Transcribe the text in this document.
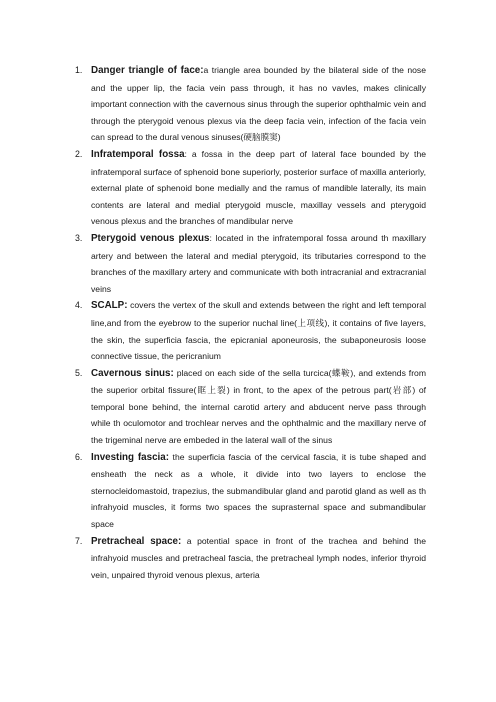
1. Danger triangle of face:a triangle area bounded by the bilateral side of the nose and the upper lip, the facia vein pass through, it has no vavles, makes clinically important connection with the cavernous sinus through the superior ophthalmic vein and through the pterygoid venous plexus via the deep facia vein, infection of the facia vein can spread to the dural venous sinuses(硬脑膜窦)
2. Infratemporal fossa: a fossa in the deep part of lateral face bounded by the infratemporal surface of sphenoid bone superiorly, posterior surface of maxilla anteriorly, external plate of sphenoid bone medially and the ramus of mandible laterally, its main contents are lateral and medial pterygoid muscle, maxillay vessels and pterygoid venous plexus and the branches of mandibular nerve
3. Pterygoid venous plexus: located in the infratemporal fossa around th maxillary artery and between the lateral and medial pterygoid, its tributaries correspond to the branches of the maxillary artery and communicate with both intracranial and extracranial veins
4. SCALP: covers the vertex of the skull and extends between the right and left temporal line,and from the eyebrow to the superior nuchal line(上项线), it contains of five layers, the skin, the superficia fascia, the epicranial aponeurosis, the subaponeurosis loose connective tissue, the pericranium
5. Cavernous sinus: placed on each side of the sella turcica(蝶鞍), and extends from the superior orbital fissure(眶上裂) in front, to the apex of the petrous part(岩部) of temporal bone behind, the internal carotid artery and abducent nerve pass through while th oculomotor and trochlear nerves and the ophthalmic and the maxillary nerve of the trigeminal nerve are embeded in the lateral wall of the sinus
6. Investing fascia: the superficia fascia of the cervical fascia, it is tube shaped and ensheath the neck as a whole, it divide into two layers to enclose the sternocleidomastoid, trapezius, the submandibular gland and parotid gland as well as th infrahyoid muscles, it forms two spaces the suprasternal space and submandibular space
7. Pretracheal space: a potential space in front of the trachea and behind the infrahyoid muscles and pretracheal fascia, the pretracheal lymph nodes, inferior thyroid vein, unpaired thyroid venous plexus, arteria
